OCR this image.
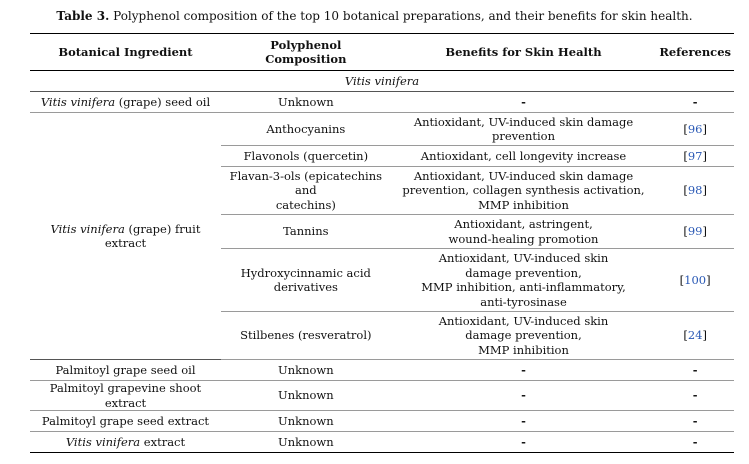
Table 3. Polyphenol composition of the top 10 botanical preparations, and their benefits for skin health.
Botanical Ingredient	Polyphenol
Composition	Benefits for Skin Health	References
Vitis vinifera			
Vitis vinifera (grape) seed oil	Unknown	-	-
Vitis vinifera (grape) fruit extract	Anthocyanins	Antioxidant, UV-induced skin damage
prevention	[96]
	Flavonols (quercetin)	Antioxidant, cell longevity increase	[97]
	Flavan-3-ols (epicatechins and
catechins)	Antioxidant, UV-induced skin damage
prevention, collagen synthesis activation,
MMP inhibition	[98]
	Tannins	Antioxidant, astringent,
wound-healing promotion	[99]
	Hydroxycinnamic acid
derivatives	Antioxidant, UV-induced skin
damage prevention,
MMP inhibition, anti-inflammatory,
anti-tyrosinase	[100]
	Stilbenes (resveratrol)	Antioxidant, UV-induced skin
damage prevention,
MMP inhibition	[24]
Palmitoyl grape seed oil	Unknown	-	-
Palmitoyl grapevine shoot extract	Unknown	-	-
Palmitoyl grape seed extract	Unknown	-	-
Vitis vinifera extract	Unknown	-	-
